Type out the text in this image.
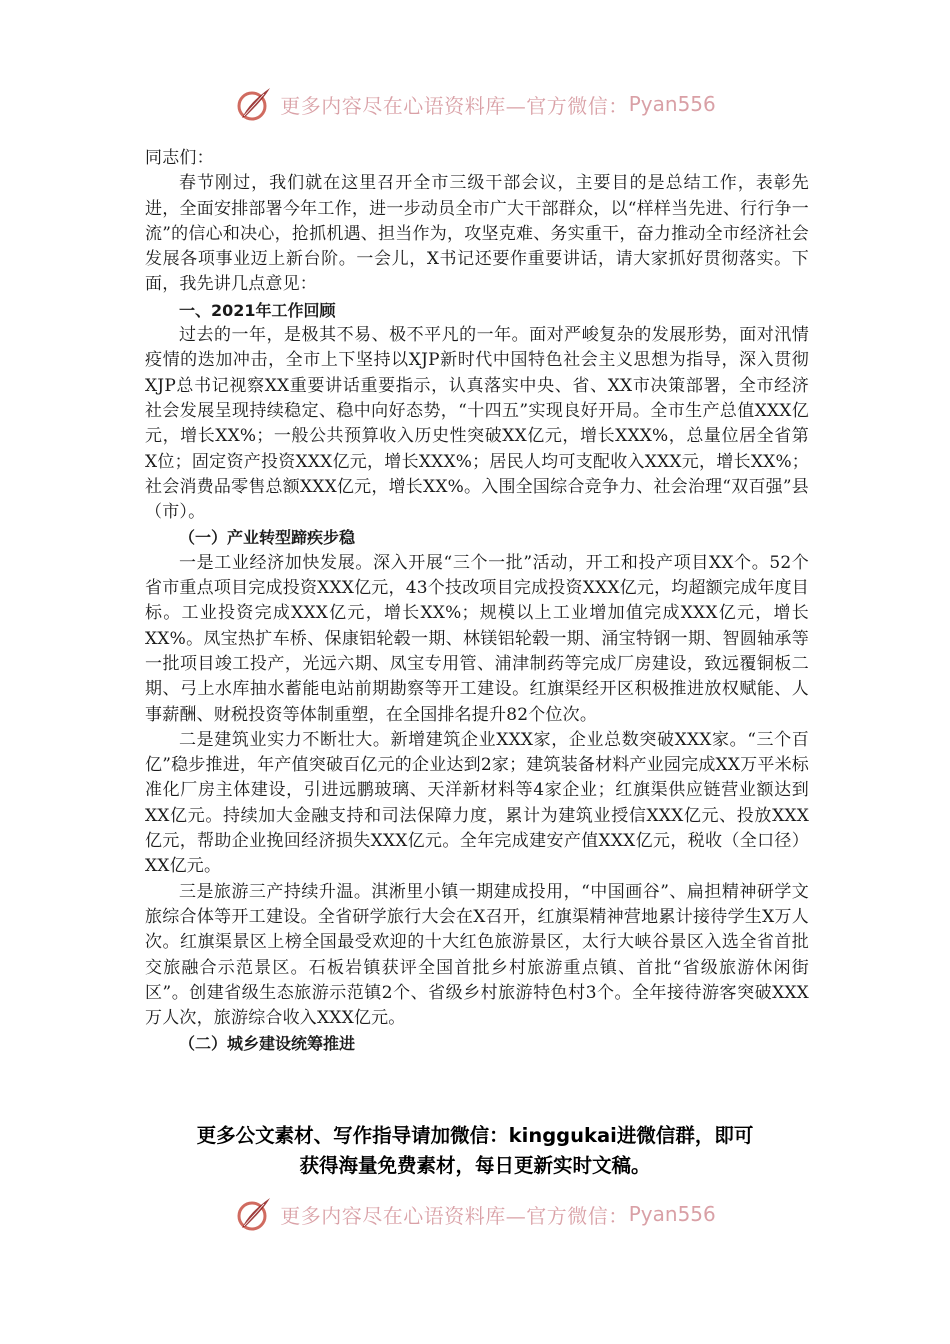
更多内容尽在心语资料库—官方微信： Pyan556

同志们：

春节刚过，我们就在这里召开全市三级干部会议，主要目的是总结工作，表彰先进，全面安排部署今年工作，进一步动员全市广大干部群众，以“样样当先进、行行争一流”的信心和决心，抢抓机遇、担当作为，攻坚克难、务实重干，奋力推动全市经济社会发展各项事业迈上新台阶。一会儿，X书记还要作重要讲话，请大家抓好贯彻落实。下面，我先讲几点意见：

一、2021年工作回顾

过去的一年，是极其不易、极不平凡的一年。面对严峻复杂的发展形势，面对汛情疫情的迭加冲击，全市上下坚持以XJP新时代中国特色社会主义思想为指导，深入贯彻XJP总书记视察XX重要讲话重要指示，认真落实中央、省、XX市决策部署，全市经济社会发展呈现持续稳定、稳中向好态势，“十四五”实现良好开局。全市生产总值XXX亿元，增长XX%；一般公共预算收入历史性突破XX亿元，增长XXX%，总量位居全省第X位；固定资产投资XXX亿元，增长XXX%；居民人均可支配收入XXX元，增长XX%；社会消费品零售总额XXX亿元，增长XX%。入围全国综合竞争力、社会治理“双百强”县（市）。

（一）产业转型蹄疾步稳

一是工业经济加快发展。深入开展“三个一批”活动，开工和投产项目XX个。52个省市重点项目完成投资XXX亿元，43个技改项目完成投资XXX亿元，均超额完成年度目标。工业投资完成XXX亿元，增长XX%；规模以上工业增加值完成XXX亿元，增长XX%。凤宝热扩车桥、保康铝轮毂一期、林镁铝轮毂一期、涌宝特钢一期、智圆轴承等一批项目竣工投产，光远六期、凤宝专用管、浦津制药等完成厂房建设，致远覆铜板二期、弓上水库抽水蓄能电站前期勘察等开工建设。红旗渠经开区积极推进放权赋能、人事薪酬、财税投资等体制重塑，在全国排名提升82个位次。

二是建筑业实力不断壮大。新增建筑企业XXX家，企业总数突破XXX家。“三个百亿”稳步推进，年产值突破百亿元的企业达到2家；建筑装备材料产业园完成XX万平米标准化厂房主体建设，引进远鹏玻璃、天洋新材料等4家企业；红旗渠供应链营业额达到XX亿元。持续加大金融支持和司法保障力度，累计为建筑业授信XXX亿元、投放XXX亿元，帮助企业挽回经济损失XXX亿元。全年完成建安产值XXX亿元，税收（全口径）XX亿元。

三是旅游三产持续升温。淇淅里小镇一期建成投用，“中国画谷”、扁担精神研学文旅综合体等开工建设。全省研学旅行大会在X召开，红旗渠精神营地累计接待学生X万人次。红旗渠景区上榜全国最受欢迎的十大红色旅游景区，太行大峡谷景区入选全省首批交旅融合示范景区。石板岩镇获评全国首批乡村旅游重点镇、首批“省级旅游休闲街区”。创建省级生态旅游示范镇2个、省级乡村旅游特色村3个。全年接待游客突破XXX万人次，旅游综合收入XXX亿元。

（二）城乡建设统筹推进
更多公文素材、写作指导请加微信：kinggukai进微信群，即可
获得海量免费素材，每日更新实时文稿。
更多内容尽在心语资料库—官方微信： Pyan556
